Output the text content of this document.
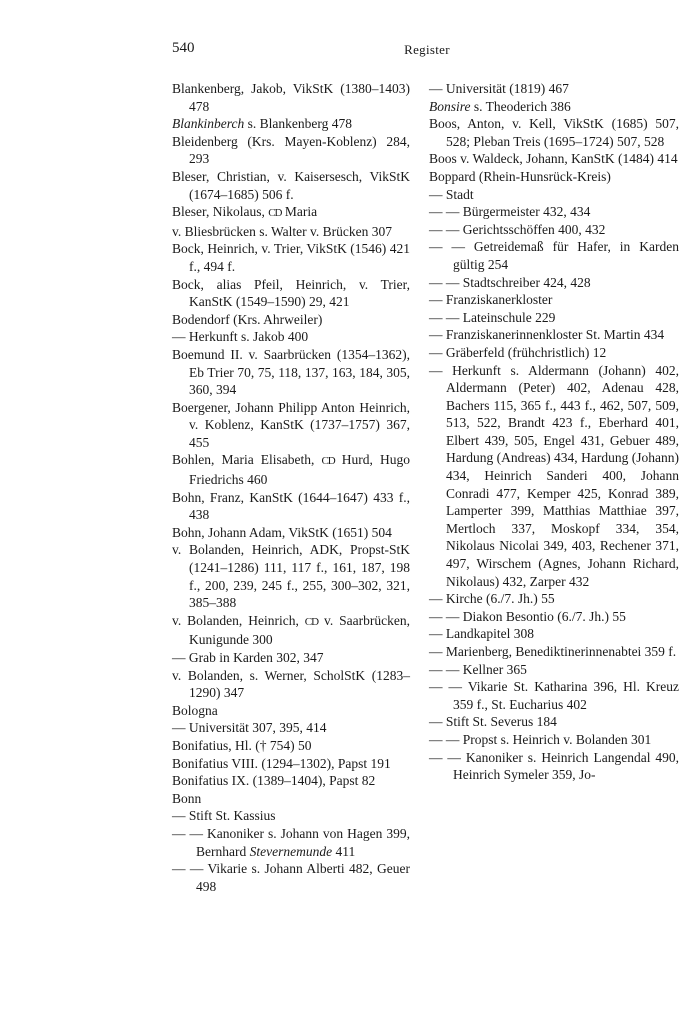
540	Register
Blankenberg, Jakob, VikStK (1380–1403) 478
Blankinberch s. Blankenberg 478
Bleidenberg (Krs. Mayen-Koblenz) 284, 293
Bleser, Christian, v. Kaisersesch, VikStK (1674–1685) 506 f.
Bleser, Nikolaus, CD Maria
v. Bliesbrücken s. Walter v. Brücken 307
Bock, Heinrich, v. Trier, VikStK (1546) 421 f., 494 f.
Bock, alias Pfeil, Heinrich, v. Trier, KanStK (1549–1590) 29, 421
Bodendorf (Krs. Ahrweiler)
— Herkunft s. Jakob 400
Boemund II. v. Saarbrücken (1354–1362), Eb Trier 70, 75, 118, 137, 163, 184, 305, 360, 394
Boergener, Johann Philipp Anton Heinrich, v. Koblenz, KanStK (1737–1757) 367, 455
Bohlen, Maria Elisabeth, CD Hurd, Hugo Friedrichs 460
Bohn, Franz, KanStK (1644–1647) 433 f., 438
Bohn, Johann Adam, VikStK (1651) 504
v. Bolanden, Heinrich, ADK, Propst-StK (1241–1286) 111, 117 f., 161, 187, 198 f., 200, 239, 245 f., 255, 300–302, 321, 385–388
v. Bolanden, Heinrich, CD v. Saarbrücken, Kunigunde 300
— Grab in Karden 302, 347
v. Bolanden, s. Werner, ScholStK (1283–1290) 347
Bologna
— Universität 307, 395, 414
Bonifatius, Hl. († 754) 50
Bonifatius VIII. (1294–1302), Papst 191
Bonifatius IX. (1389–1404), Papst 82
Bonn
— Stift St. Kassius
— — Kanoniker s. Johann von Hagen 399, Bernhard Stevernemunde 411
— — Vikarie s. Johann Alberti 482, Geuer 498
— Universität (1819) 467
Bonsire s. Theoderich 386
Boos, Anton, v. Kell, VikStK (1685) 507, 528; Pleban Treis (1695–1724) 507, 528
Boos v. Waldeck, Johann, KanStK (1484) 414
Boppard (Rhein-Hunsrück-Kreis)
— Stadt
— — Bürgermeister 432, 434
— — Gerichtsschöffen 400, 432
— — Getreidemaß für Hafer, in Karden gültig 254
— — Stadtschreiber 424, 428
— Franziskanerkloster
— — Lateinschule 229
— Franziskanerinnenkloster St. Martin 434
— Gräberfeld (frühchristlich) 12
— Herkunft s. Aldermann (Johann) 402, Aldermann (Peter) 402, Adenau 428, Bachers 115, 365 f., 443 f., 462, 507, 509, 513, 522, Brandt 423 f., Eberhard 401, Elbert 439, 505, Engel 431, Gebuer 489, Hardung (Andreas) 434, Hardung (Johann) 434, Heinrich Sanderi 400, Johann Conradi 477, Kemper 425, Konrad 389, Lamperter 399, Matthias Matthiae 397, Mertloch 337, Moskopf 334, 354, Nikolaus Nicolai 349, 403, Rechener 371, 497, Wirschem (Agnes, Johann Richard, Nikolaus) 432, Zarper 432
— Kirche (6./7. Jh.) 55
— — Diakon Besontio (6./7. Jh.) 55
— Landkapitel 308
— Marienberg, Benediktinerinnenabtei 359 f.
— — Kellner 365
— — Vikarie St. Katharina 396, Hl. Kreuz 359 f., St. Eucharius 402
— Stift St. Severus 184
— — Propst s. Heinrich v. Bolanden 301
— — Kanoniker s. Heinrich Langendal 490, Heinrich Symeler 359, Jo-
